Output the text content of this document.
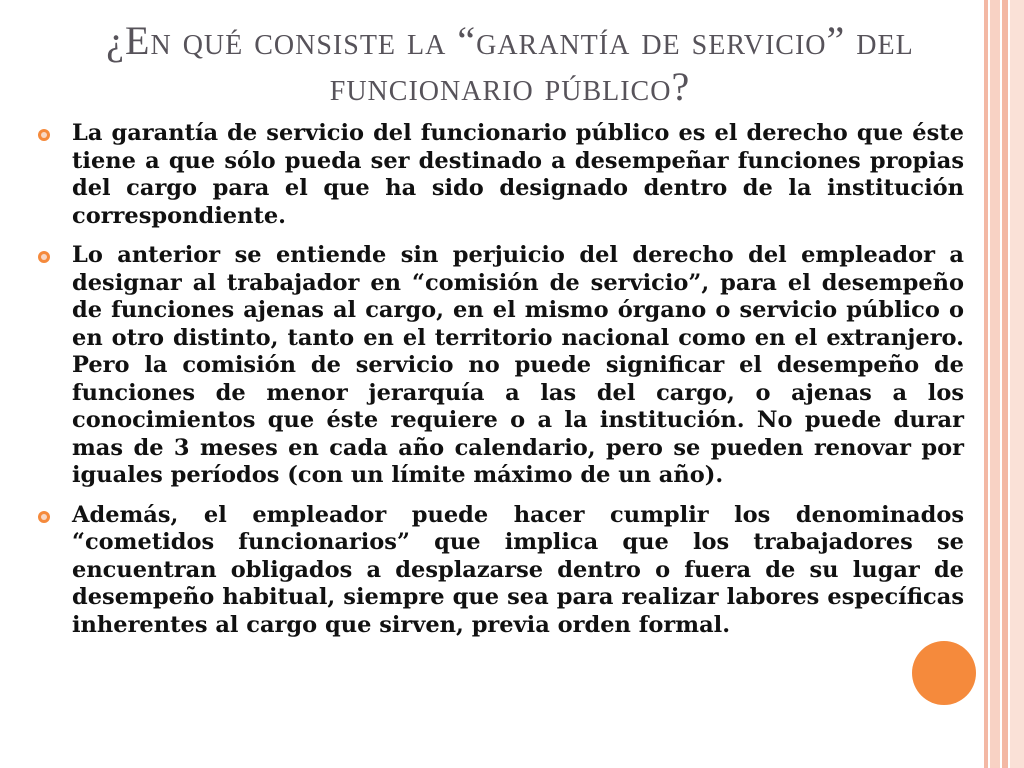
¿En qué consiste la “garantía de servicio” del funcionario público?

La garantía de servicio del funcionario público es el derecho que éste tiene a que sólo pueda ser destinado a desempeñar funciones propias del cargo para el que ha sido designado dentro de la institución correspondiente.

Lo anterior se entiende sin perjuicio del derecho del empleador a designar al trabajador en “comisión de servicio”, para el desempeño de funciones ajenas al cargo, en el mismo órgano o servicio público o en otro distinto, tanto en el territorio nacional como en el extranjero. Pero la comisión de servicio no puede significar el desempeño de funciones de menor jerarquía a las del cargo, o ajenas a los conocimientos que éste requiere o a la institución. No puede durar mas de 3 meses en cada año calendario, pero se pueden renovar por iguales períodos (con un límite máximo de un año).

Además, el empleador puede hacer cumplir los denominados “cometidos funcionarios” que implica que los trabajadores se encuentran obligados a desplazarse dentro o fuera de su lugar de desempeño habitual, siempre que sea para realizar labores específicas inherentes al cargo que sirven, previa orden formal.
